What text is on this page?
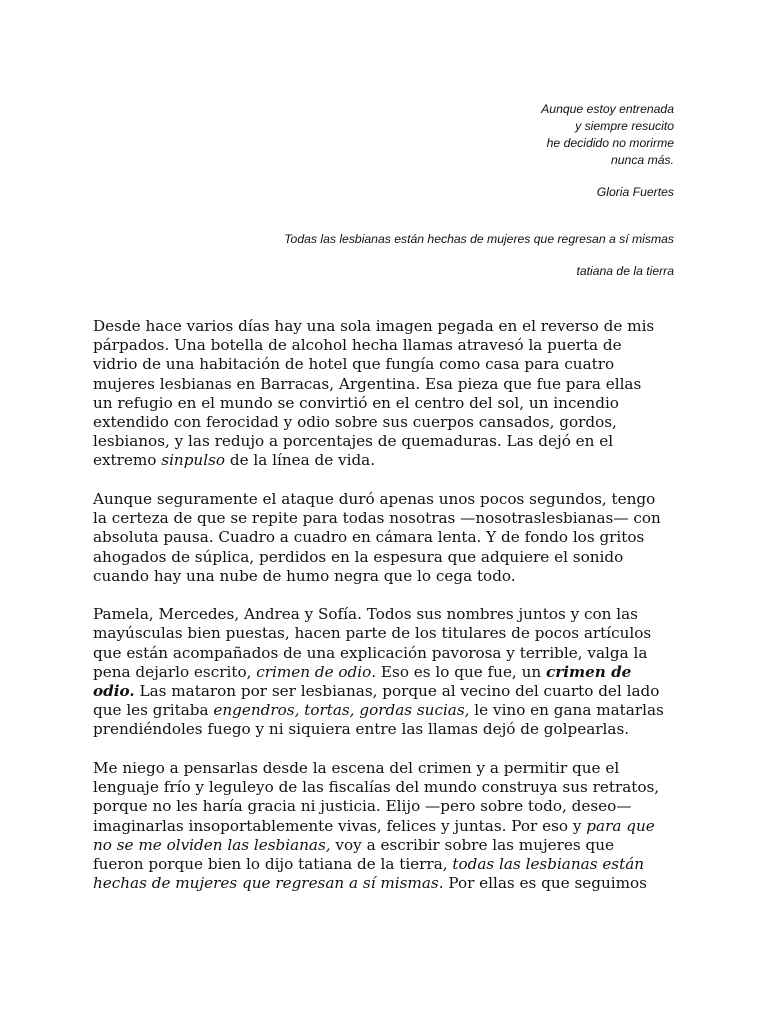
Aunque estoy entrenada

y siempre resucito

he decidido no morirme

nunca más.

Gloria Fuertes

Todas las lesbianas están hechas de mujeres que regresan a sí mismas

tatiana de la tierra

Desde hace varios días hay una sola imagen pegada en el reverso de mis
párpados. Una botella de alcohol hecha llamas atravesó la puerta de
vidrio de una habitación de hotel que fungía como casa para cuatro
mujeres lesbianas en Barracas, Argentina. Esa pieza que fue para ellas
un refugio en el mundo se convirtió en el centro del sol, un incendio
extendido con ferocidad y odio sobre sus cuerpos cansados, gordos,
lesbianos, y las redujo a porcentajes de quemaduras. Las dejó en el
extremo sinpulso de la línea de vida.

Aunque seguramente el ataque duró apenas unos pocos segundos, tengo
la certeza de que se repite para todas nosotras —nosotraslesbianas— con
absoluta pausa. Cuadro a cuadro en cámara lenta. Y de fondo los gritos
ahogados de súplica, perdidos en la espesura que adquiere el sonido
cuando hay una nube de humo negra que lo cega todo.

Pamela, Mercedes, Andrea y Sofía. Todos sus nombres juntos y con las
mayúsculas bien puestas, hacen parte de los titulares de pocos artículos
que están acompañados de una explicación pavorosa y terrible, valga la
pena dejarlo escrito, crimen de odio. Eso es lo que fue, un crimen de
odio. Las mataron por ser lesbianas, porque al vecino del cuarto del lado
que les gritaba engendros, tortas, gordas sucias, le vino en gana matarlas
prendiéndoles fuego y ni siquiera entre las llamas dejó de golpearlas.

Me niego a pensarlas desde la escena del crimen y a permitir que el
lenguaje frío y leguleyo de las fiscalías del mundo construya sus retratos,
porque no les haría gracia ni justicia. Elijo —pero sobre todo, deseo—
imaginarlas insoportablemente vivas, felices y juntas. Por eso y para que
no se me olviden las lesbianas, voy a escribir sobre las mujeres que
fueron porque bien lo dijo tatiana de la tierra, todas las lesbianas están
hechas de mujeres que regresan a sí mismas. Por ellas es que seguimos
